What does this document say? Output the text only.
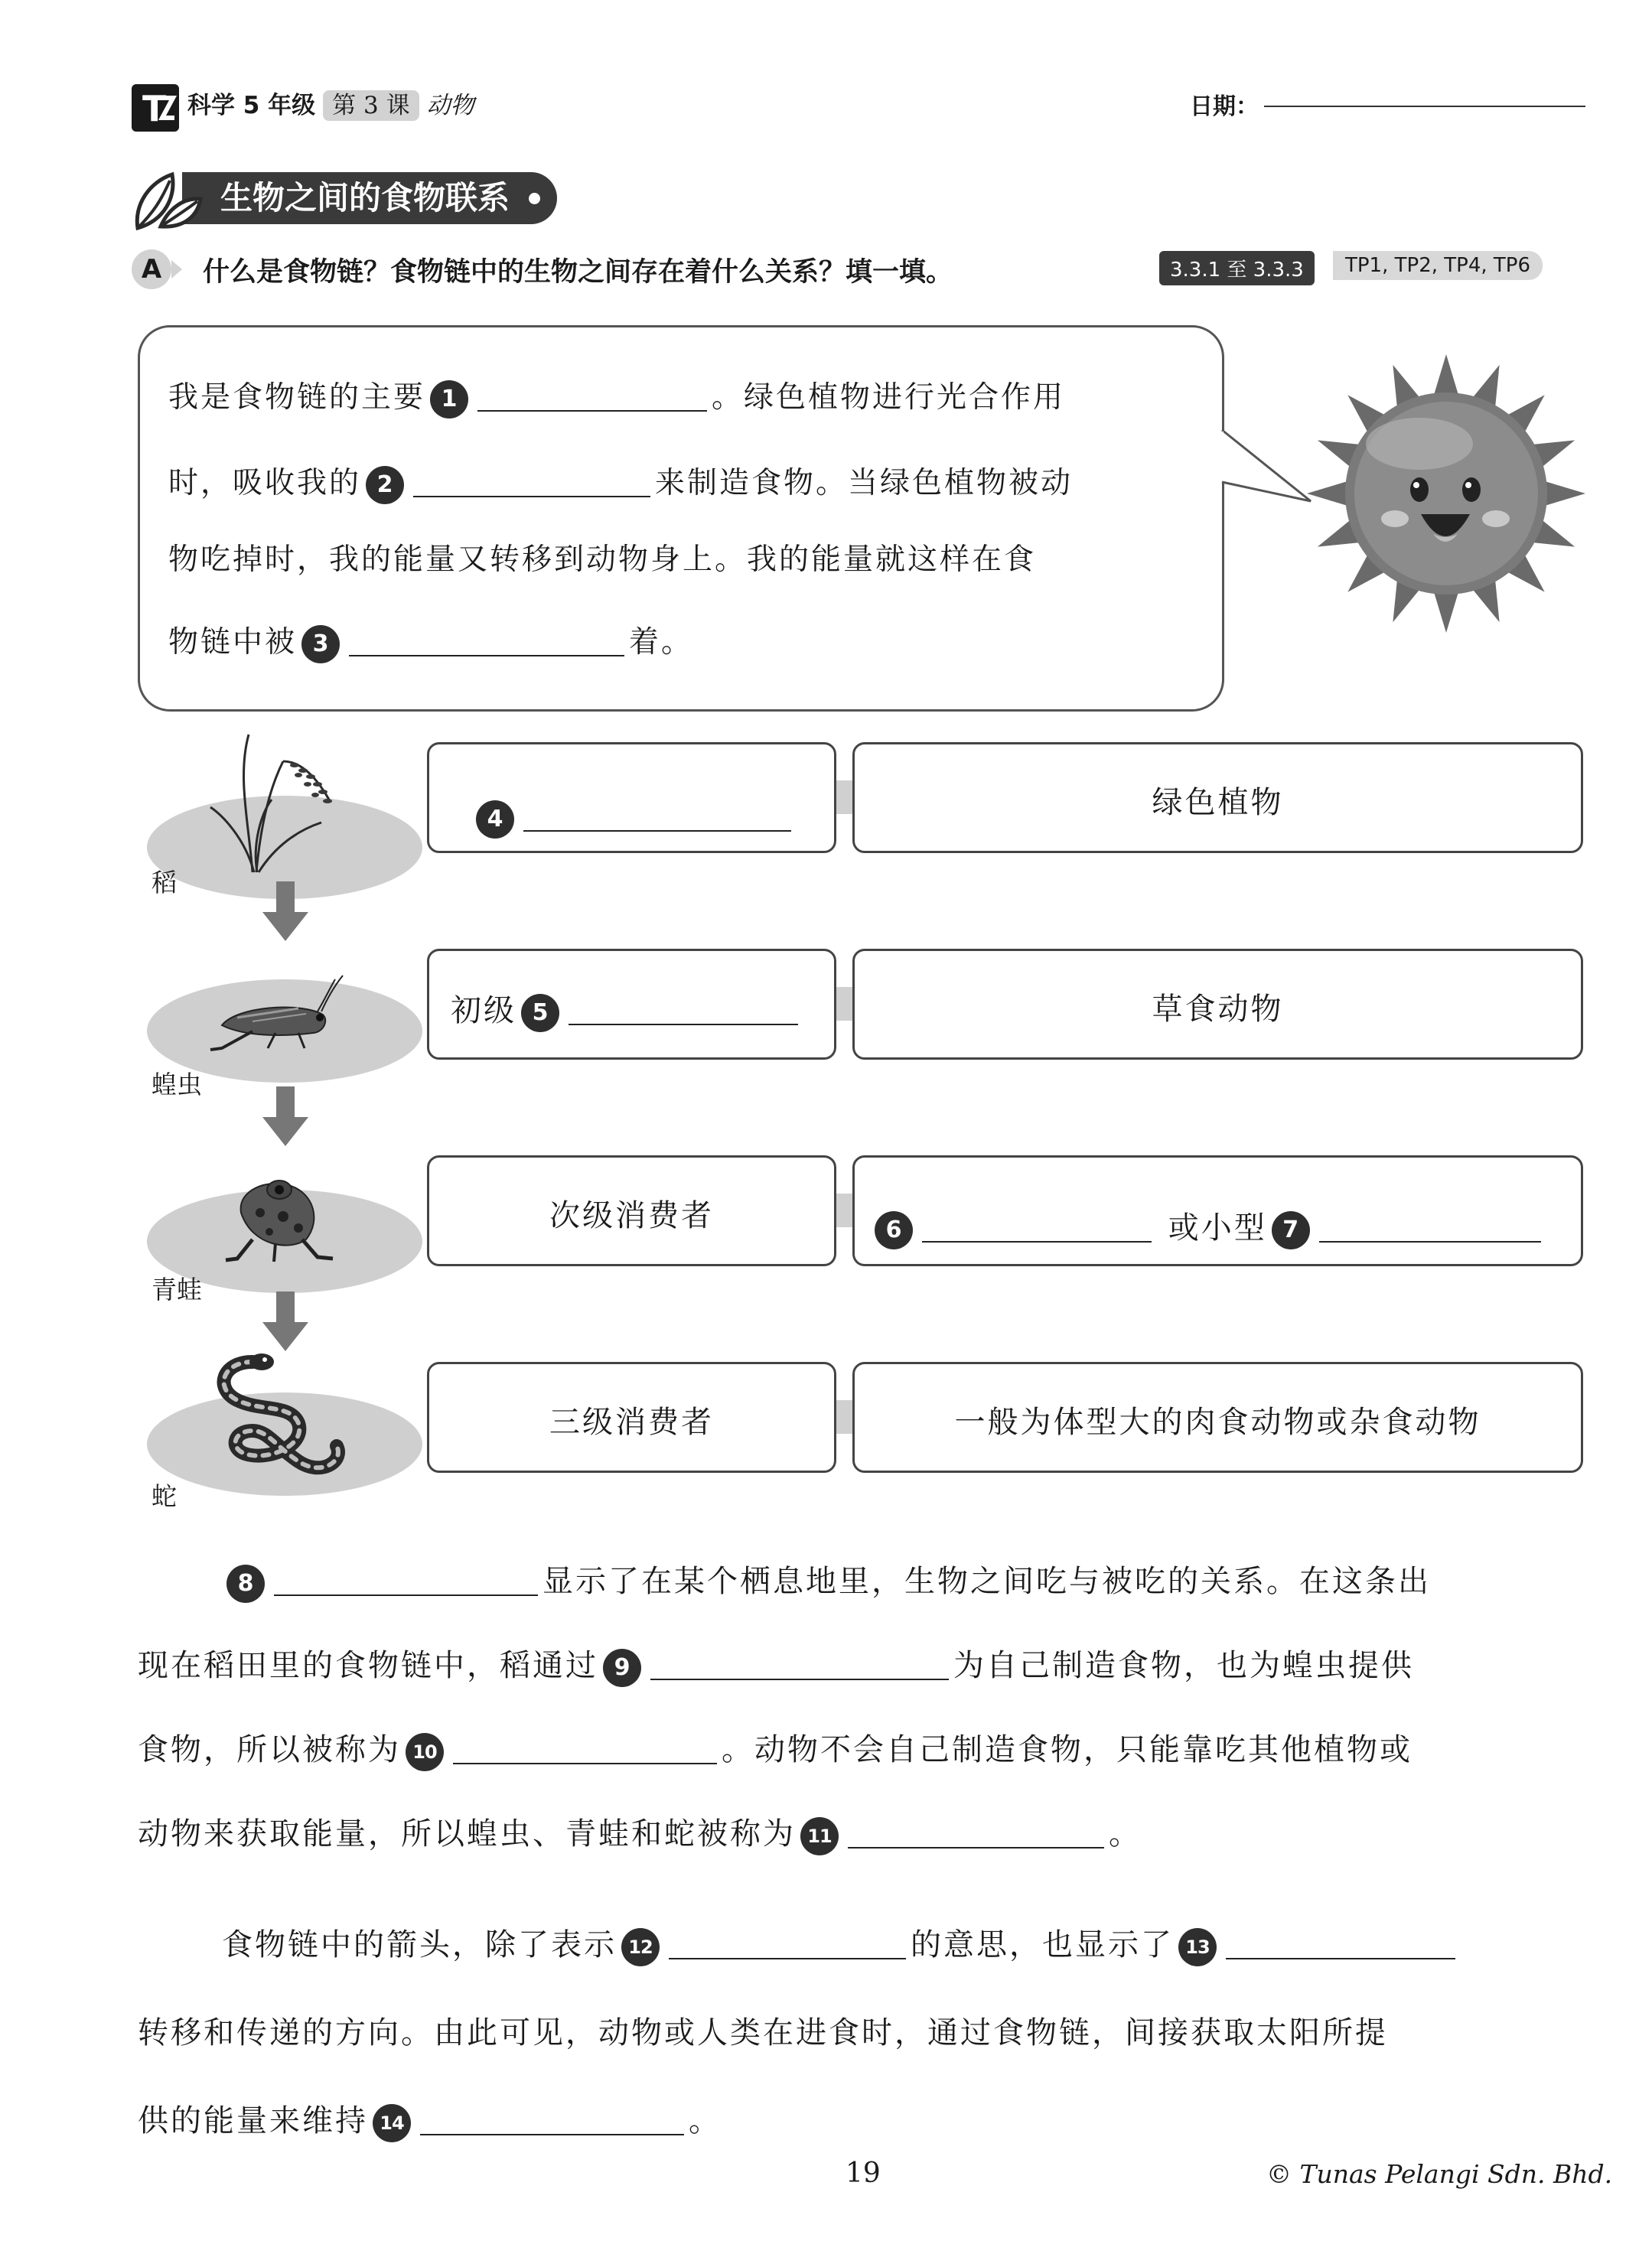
T 科学 5 年级 第 3 课 动物	日期：
生物之间的食物联系
A	什么是食物链？食物链中的生物之间存在着什么关系？填一填。	3.3.1 至 3.3.3	TP1, TP2, TP4, TP6
我是食物链的主要 1	。绿色植物进行光合作用
时，吸收我的 2	来制造食物。当绿色植物被动
物吃掉时，我的能量又转移到动物身上。我的能量就这样在食
物链中被 3	着。
稻
蝗虫
青蛙
蛇
4	绿色植物
初级 5	草食动物
次级消费者	6	或小型 7
三级消费者	一般为体型大的肉食动物或杂食动物
8	显示了在某个栖息地里，生物之间吃与被吃的关系。在这条出
现在稻田里的食物链中，稻通过 9	为自己制造食物，也为蝗虫提供
食物，所以被称为 10	。动物不会自己制造食物，只能靠吃其他植物或
动物来获取能量，所以蝗虫、青蛙和蛇被称为 11	。
食物链中的箭头，除了表示 12	的意思，也显示了 13
转移和传递的方向。由此可见，动物或人类在进食时，通过食物链，间接获取太阳所提
供的能量来维持 14	。
19	© Tunas Pelangi Sdn. Bhd.
